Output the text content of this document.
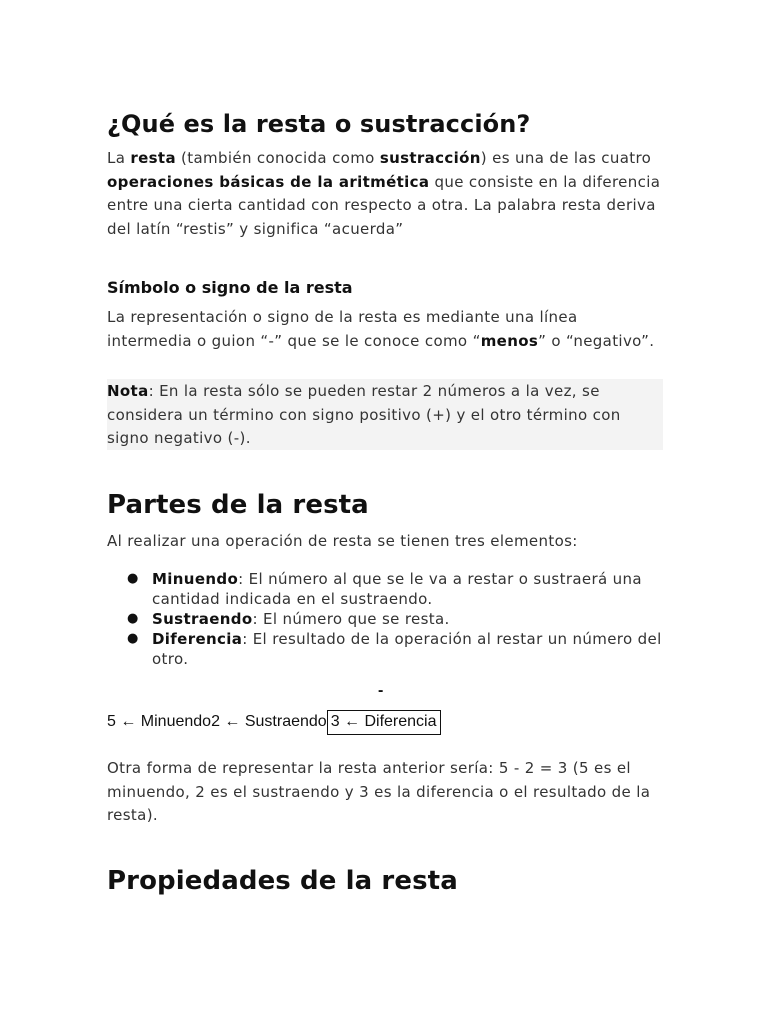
¿Qué es la resta o sustracción?
La resta (también conocida como sustracción) es una de las cuatro operaciones básicas de la aritmética que consiste en la diferencia entre una cierta cantidad con respecto a otra. La palabra resta deriva del latín “restis” y significa “acuerda”
Símbolo o signo de la resta
La representación o signo de la resta es mediante una línea intermedia o guion “-” que se le conoce como “menos” o “negativo”.
Nota: En la resta sólo se pueden restar 2 números a la vez, se considera un término con signo positivo (+) y el otro término con signo negativo (-).
Partes de la resta
Al realizar una operación de resta se tienen tres elementos:
● Minuendo: El número al que se le va a restar o sustraerá una cantidad indicada en el sustraendo.
● Sustraendo: El número que se resta.
● Diferencia: El resultado de la operación al restar un número del otro.
-
5 ← Minuendo2 ← Sustraendo 3 ← Diferencia
Otra forma de representar la resta anterior sería: 5 - 2 = 3 (5 es el minuendo, 2 es el sustraendo y 3 es la diferencia o el resultado de la resta).
Propiedades de la resta
